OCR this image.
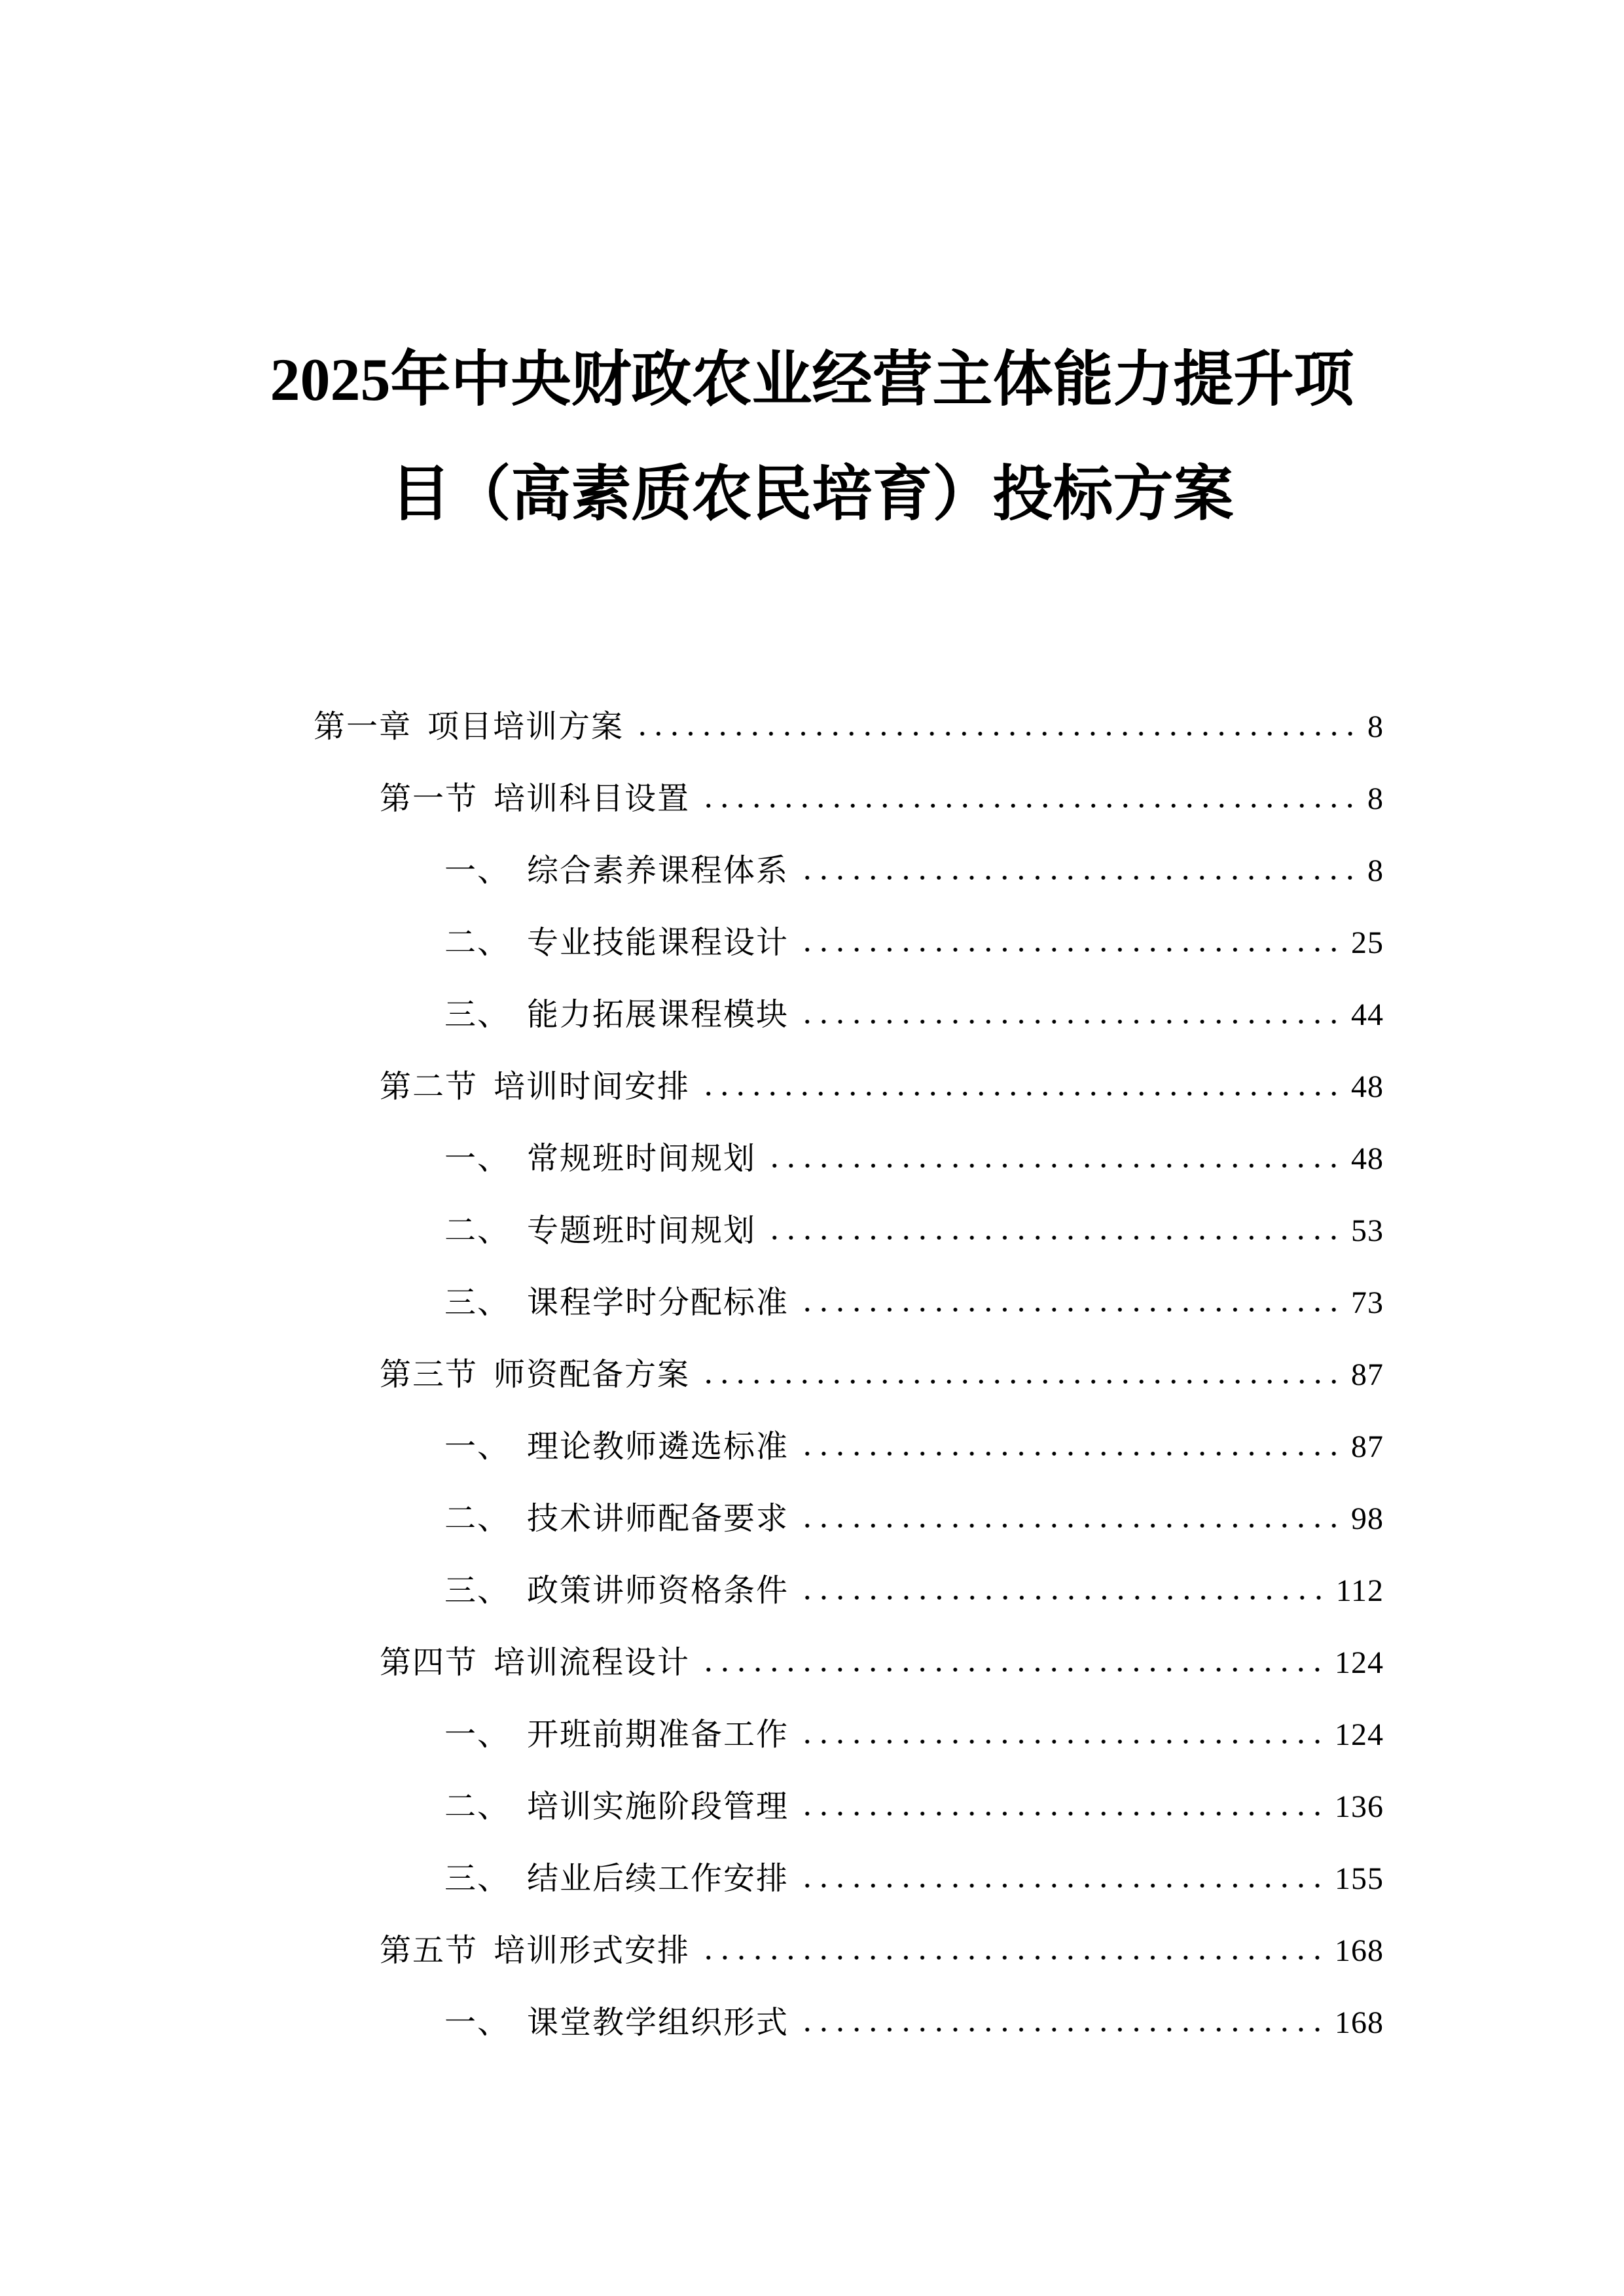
2025年中央财政农业经营主体能力提升项
目（高素质农民培育）投标方案
第一章 项目培训方案	8
第一节 培训科目设置	8
一、 综合素养课程体系	8
二、 专业技能课程设计	25
三、 能力拓展课程模块	44
第二节 培训时间安排	48
一、 常规班时间规划	48
二、 专题班时间规划	53
三、 课程学时分配标准	73
第三节 师资配备方案	87
一、 理论教师遴选标准	87
二、 技术讲师配备要求	98
三、 政策讲师资格条件	112
第四节 培训流程设计	124
一、 开班前期准备工作	124
二、 培训实施阶段管理	136
三、 结业后续工作安排	155
第五节 培训形式安排	168
一、 课堂教学组织形式	168
